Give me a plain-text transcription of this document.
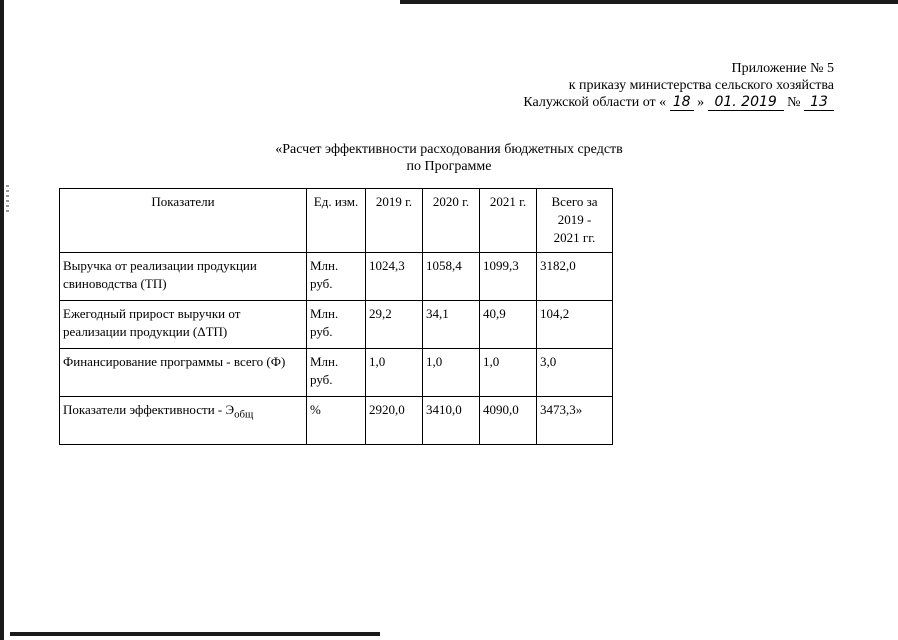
Приложение № 5
к приказу министерства сельского хозяйства
Калужской области от « 18 » 01. 2019 № 13
«Расчет эффективности расходования бюджетных средств
по Программе
Показатели	Ед. изм.	2019 г.	2020 г.	2021 г.	Всего за
2019 -
2021 гг.

Выручка от реализации продукции свиноводства (ТП)	Млн. руб.	1024,3	1058,4	1099,3	3182,0
Ежегодный прирост выручки от реализации продукции (ΔТП)	Млн. руб.	29,2	34,1	40,9	104,2
Финансирование программы - всего (Ф)	Млн. руб.	1,0	1,0	1,0	3,0
Показатели эффективности - $Э_{общ}$	%	2920,0	3410,0	4090,0	3473,3»
